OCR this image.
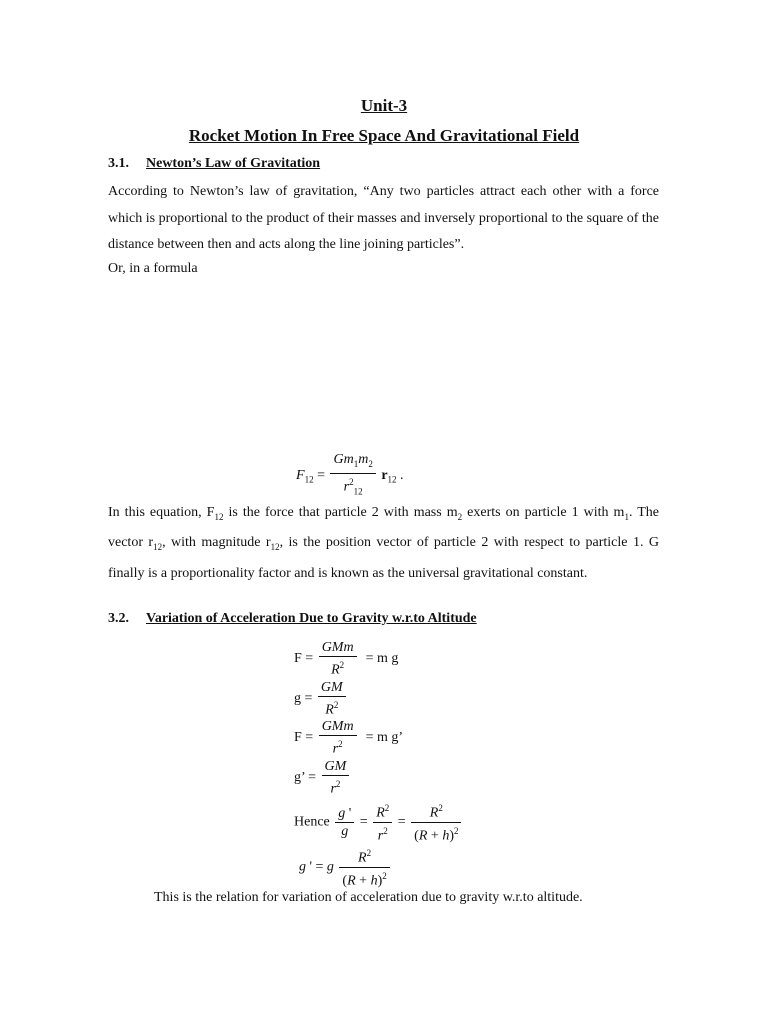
Unit-3
Rocket Motion In Free Space And Gravitational Field
3.1. Newton’s Law of Gravitation
According to Newton’s law of gravitation, “Any two particles attract each other with a force which is proportional to the product of their masses and inversely proportional to the square of the distance between then and acts along the line joining particles”.
Or, in a formula
$F_{12} = \frac{Gm_1m_2}{r^2_{12}} r_{12}$ .
In this equation, $F_{12}$ is the force that particle 2 with mass $m_2$ exerts on particle 1 with $m_1$. The vector $r_{12}$, with magnitude $r_{12}$, is the position vector of particle 2 with respect to particle 1. G finally is a proportionality factor and is known as the universal gravitational constant.
3.2. Variation of Acceleration Due to Gravity w.r.to Altitude
$F = \frac{\text{GMm}}{R^2} = m$ g
$g = \frac{GM}{R^2}$
$F = \frac{\text{GMm}}{r^2} = m$ g’
g’ = $\frac{GM}{r^2}$
Hence $\frac{g '}{g} = \frac{R^2}{r^2} = \frac{R^2}{(R + h)^2}$
g ' = g $\frac{R^2}{(R + h)^2}$
This is the relation for variation of acceleration due to gravity w.r.to altitude.
